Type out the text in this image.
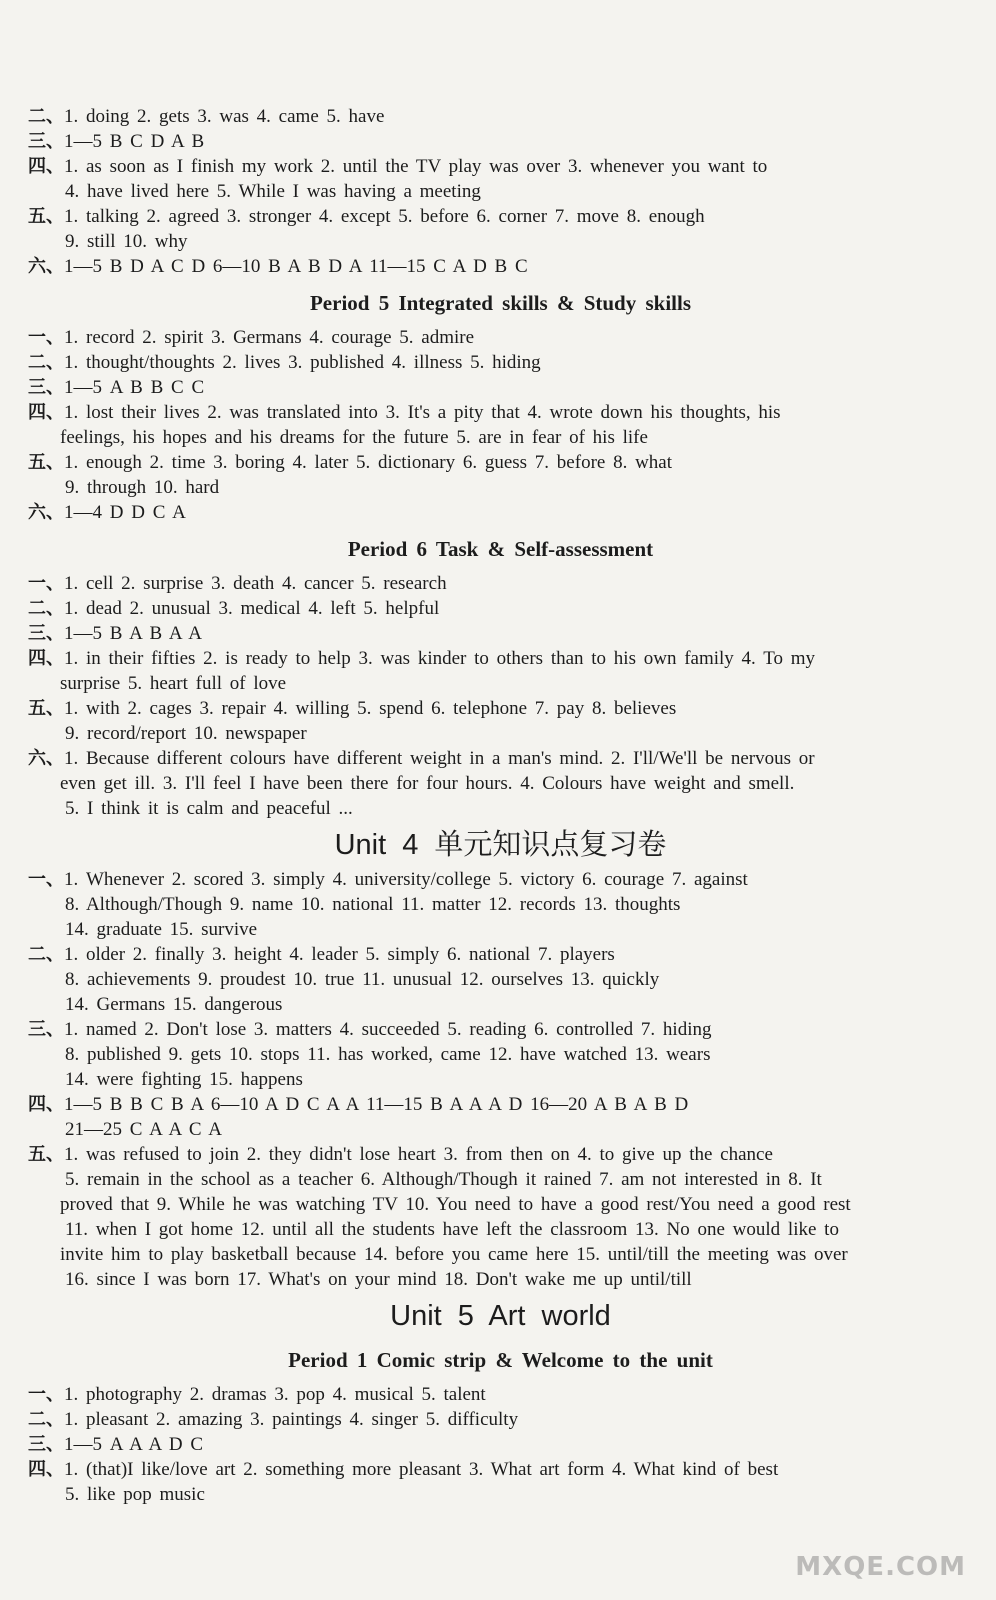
二、1. doing 2. gets 3. was 4. came 5. have
三、1—5 B C D A B
四、1. as soon as I finish my work 2. until the TV play was over 3. whenever you want to
4. have lived here 5. While I was having a meeting
五、1. talking 2. agreed 3. stronger 4. except 5. before 6. corner 7. move 8. enough
9. still 10. why
六、1—5 B D A C D 6—10 B A B D A 11—15 C A D B C
Period 5 Integrated skills & Study skills
一、1. record 2. spirit 3. Germans 4. courage 5. admire
二、1. thought/thoughts 2. lives 3. published 4. illness 5. hiding
三、1—5 A B B C C
四、1. lost their lives 2. was translated into 3. It's a pity that 4. wrote down his thoughts, his
feelings, his hopes and his dreams for the future 5. are in fear of his life
五、1. enough 2. time 3. boring 4. later 5. dictionary 6. guess 7. before 8. what
9. through 10. hard
六、1—4 D D C A
Period 6 Task & Self-assessment
一、1. cell 2. surprise 3. death 4. cancer 5. research
二、1. dead 2. unusual 3. medical 4. left 5. helpful
三、1—5 B A B A A
四、1. in their fifties 2. is ready to help 3. was kinder to others than to his own family 4. To my
surprise 5. heart full of love
五、1. with 2. cages 3. repair 4. willing 5. spend 6. telephone 7. pay 8. believes
9. record/report 10. newspaper
六、1. Because different colours have different weight in a man's mind. 2. I'll/We'll be nervous or
even get ill. 3. I'll feel I have been there for four hours. 4. Colours have weight and smell.
5. I think it is calm and peaceful ...
Unit 4 单元知识点复习卷
一、1. Whenever 2. scored 3. simply 4. university/college 5. victory 6. courage 7. against
8. Although/Though 9. name 10. national 11. matter 12. records 13. thoughts
14. graduate 15. survive
二、1. older 2. finally 3. height 4. leader 5. simply 6. national 7. players
8. achievements 9. proudest 10. true 11. unusual 12. ourselves 13. quickly
14. Germans 15. dangerous
三、1. named 2. Don't lose 3. matters 4. succeeded 5. reading 6. controlled 7. hiding
8. published 9. gets 10. stops 11. has worked, came 12. have watched 13. wears
14. were fighting 15. happens
四、1—5 B B C B A 6—10 A D C A A 11—15 B A A A D 16—20 A B A B D
21—25 C A A C A
五、1. was refused to join 2. they didn't lose heart 3. from then on 4. to give up the chance
5. remain in the school as a teacher 6. Although/Though it rained 7. am not interested in 8. It
proved that 9. While he was watching TV 10. You need to have a good rest/You need a good rest
11. when I got home 12. until all the students have left the classroom 13. No one would like to
invite him to play basketball because 14. before you came here 15. until/till the meeting was over
16. since I was born 17. What's on your mind 18. Don't wake me up until/till
Unit 5 Art world
Period 1 Comic strip & Welcome to the unit
一、1. photography 2. dramas 3. pop 4. musical 5. talent
二、1. pleasant 2. amazing 3. paintings 4. singer 5. difficulty
三、1—5 A A A D C
四、1. (that)I like/love art 2. something more pleasant 3. What art form 4. What kind of best
5. like pop music
MXQE.COM
